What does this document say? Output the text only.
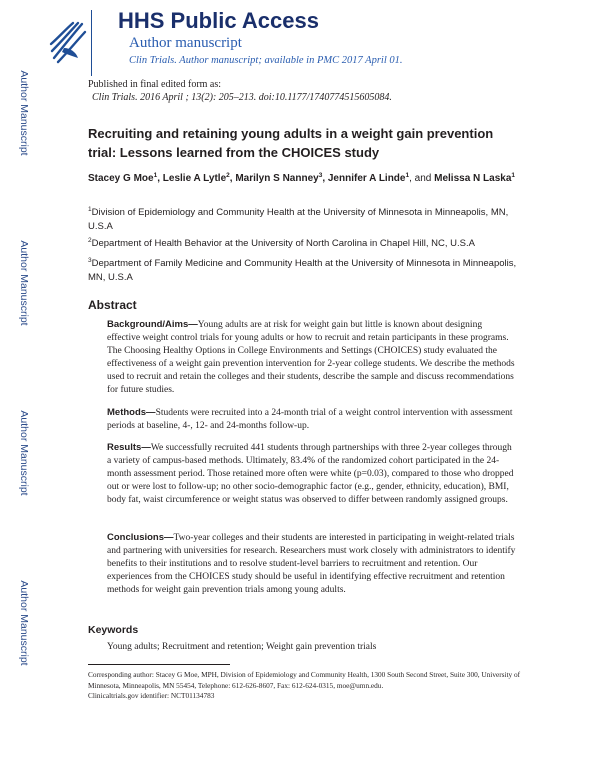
Author Manuscript
Author Manuscript
Author Manuscript
Author Manuscript
HHS Public Access
Author manuscript
Clin Trials. Author manuscript; available in PMC 2017 April 01.
Published in final edited form as:
Clin Trials. 2016 April ; 13(2): 205–213. doi:10.1177/1740774515605084.
Recruiting and retaining young adults in a weight gain prevention trial: Lessons learned from the CHOICES study
Stacey G Moe$^1$, Leslie A Lytle$^2$, Marilyn S Nanney$^3$, Jennifer A Linde$^1$, and Melissa N Laska$^1$
$^1$Division of Epidemiology and Community Health at the University of Minnesota in Minneapolis, MN, U.S.A
$^2$Department of Health Behavior at the University of North Carolina in Chapel Hill, NC, U.S.A
$^3$Department of Family Medicine and Community Health at the University of Minnesota in Minneapolis, MN, U.S.A
Abstract
Background/Aims—Young adults are at risk for weight gain but little is known about designing effective weight control trials for young adults or how to recruit and retain participants in these programs. The Choosing Healthy Options in College Environments and Settings (CHOICES) study evaluated the effectiveness of a weight gain prevention intervention for 2-year college students. We describe the methods used to recruit and retain the colleges and their students, describe the sample and discuss recommendations for future studies.
Methods—Students were recruited into a 24-month trial of a weight control intervention with assessment periods at baseline, 4-, 12- and 24-months follow-up.
Results—We successfully recruited 441 students through partnerships with three 2-year colleges through a variety of campus-based methods. Ultimately, 83.4% of the randomized cohort participated in the 24-month assessment period. Those retained more often were white (p=0.03), compared to those who dropped out or were lost to follow-up; no other socio-demographic factor (e.g., gender, ethnicity, education), BMI, body fat, waist circumference or weight status was observed to differ between randomly assigned groups.
Conclusions—Two-year colleges and their students are interested in participating in weight-related trials and partnering with universities for research. Researchers must work closely with administrators to identify benefits to their institutions and to resolve student-level barriers to recruitment and retention. Our experiences from the CHOICES study should be useful in identifying effective recruitment and retention methods for weight gain prevention trials among young adults.
Keywords
Young adults; Recruitment and retention; Weight gain prevention trials
Corresponding author: Stacey G Moe, MPH, Division of Epidemiology and Community Health, 1300 South Second Street, Suite 300, University of Minnesota, Minneapolis, MN 55454, Telephone: 612-626-8607, Fax: 612-624-0315, moe@umn.edu.
Clinicaltrials.gov identifier: NCT01134783
